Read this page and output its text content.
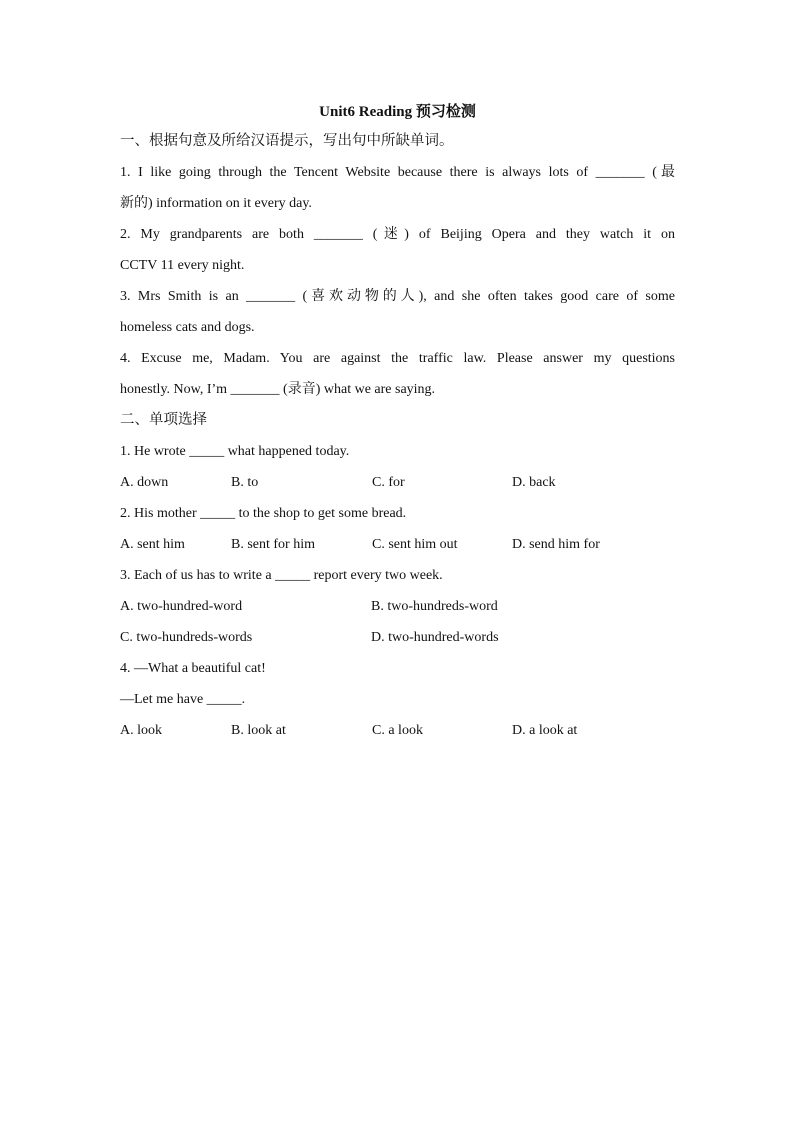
Unit6 Reading 预习检测
一、根据句意及所给汉语提示，写出句中所缺单词。
1. I like going through the Tencent Website because there is always lots of _______ (最
新的) information on it every day.
2. My grandparents are both _______ (迷) of Beijing Opera and they watch it on
CCTV 11 every night.
3. Mrs Smith is an _______ (喜欢动物的人), and she often takes good care of some
homeless cats and dogs.
4. Excuse me, Madam. You are against the traffic law. Please answer my questions
honestly. Now, I’m _______ (录音) what we are saying.
二、单项选择
1. He wrote _____ what happened today.
A. down	B. to	C. for	D. back
2. His mother _____ to the shop to get some bread.
A. sent him	B. sent for him	C. sent him out	D. send him for
3. Each of us has to write a _____ report every two week.
A. two-hundred-word	B. two-hundreds-word
C. two-hundreds-words	D. two-hundred-words
4. —What a beautiful cat!
—Let me have _____.
A. look	B. look at	C. a look	D. a look at
